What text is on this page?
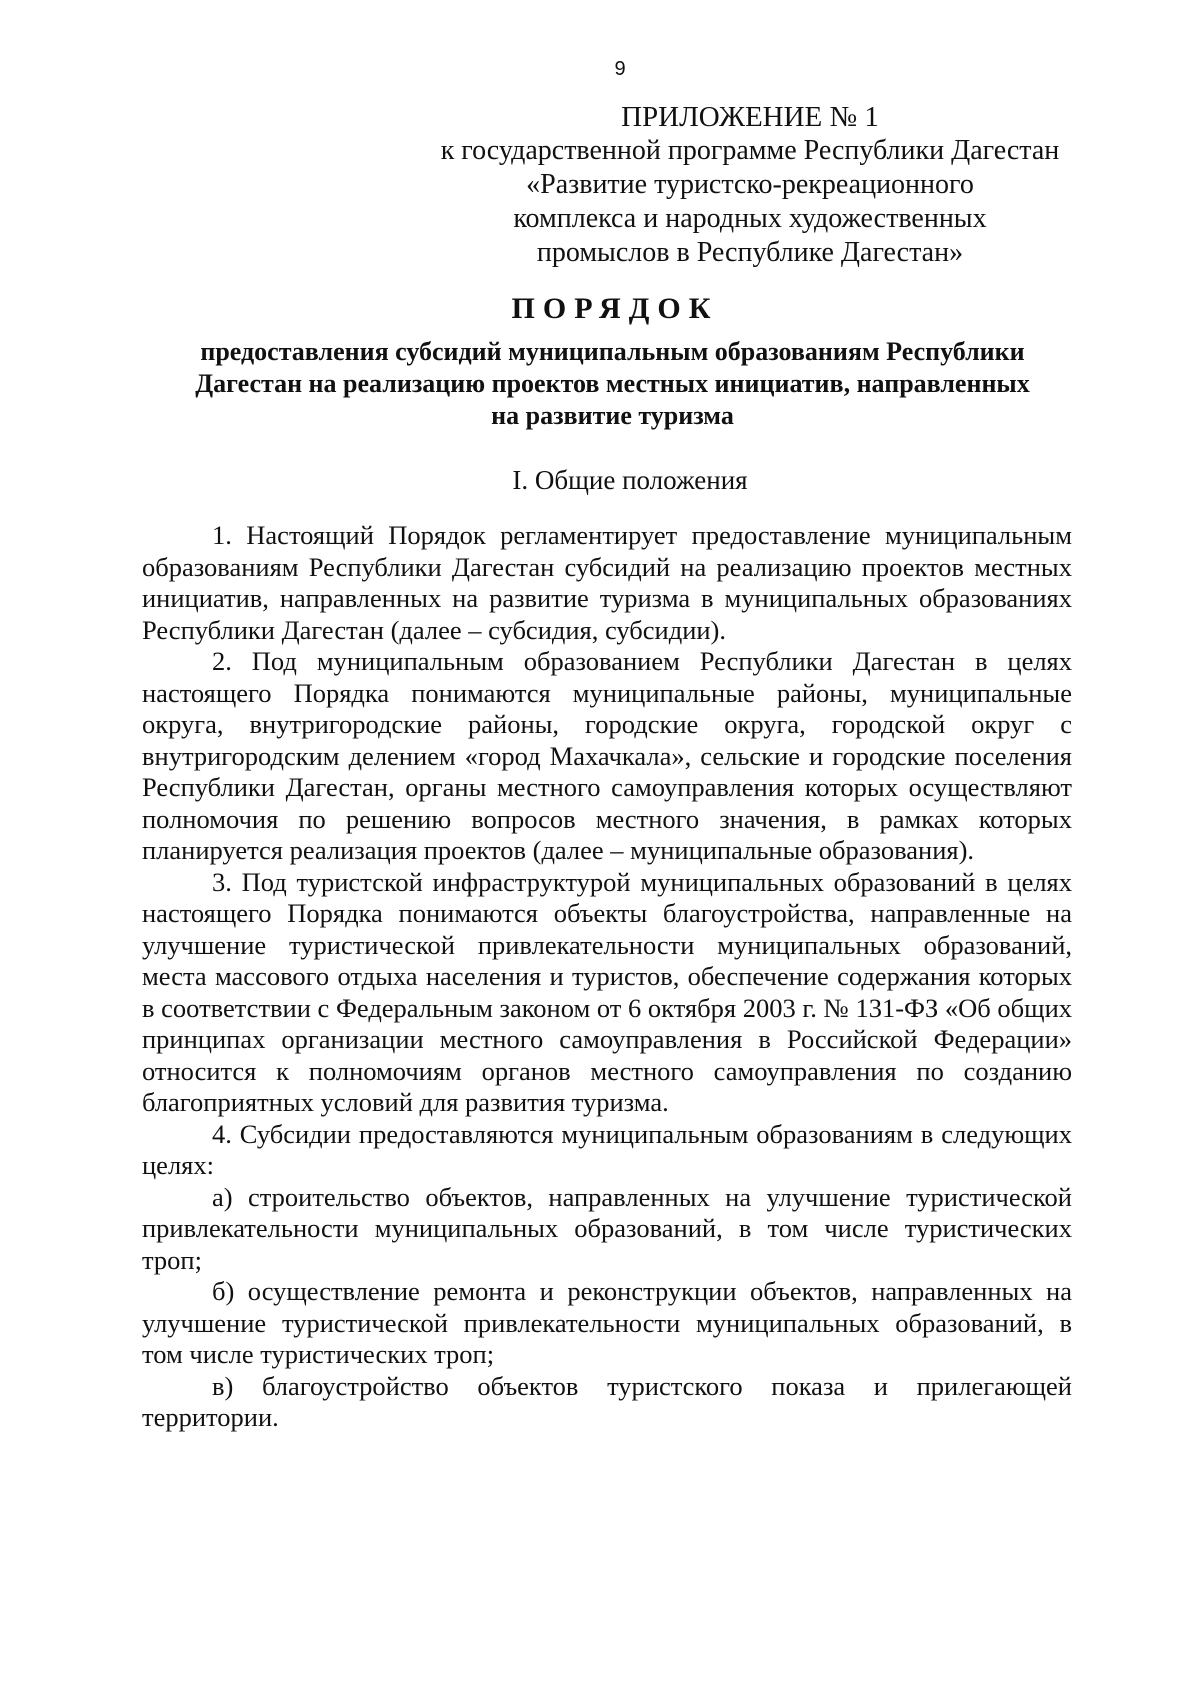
9
ПРИЛОЖЕНИЕ № 1
к государственной программе Республики Дагестан
«Развитие туристско-рекреационного
комплекса и народных художественных
промыслов в Республике Дагестан»
ПОРЯДОК
предоставления субсидий муниципальным образованиям Республики
Дагестан на реализацию проектов местных инициатив, направленных
на развитие туризма
I. Общие положения

1. Настоящий Порядок регламентирует предоставление муниципальным образованиям Республики Дагестан субсидий на реализацию проектов местных инициатив, направленных на развитие туризма в муниципальных образованиях Республики Дагестан (далее – субсидия, субсидии).

2. Под муниципальным образованием Республики Дагестан в целях настоящего Порядка понимаются муниципальные районы, муниципальные округа, внутригородские районы, городские округа, городской округ с внутригородским делением «город Махачкала», сельские и городские поселения Республики Дагестан, органы местного самоуправления которых осуществляют полномочия по решению вопросов местного значения, в рамках которых планируется реализация проектов (далее – муниципальные образования).

3. Под туристской инфраструктурой муниципальных образований в целях настоящего Порядка понимаются объекты благоустройства, направленные на улучшение туристической привлекательности муниципальных образований, места массового отдыха населения и туристов, обеспечение содержания которых в соответствии с Федеральным законом от 6 октября 2003 г. № 131-ФЗ «Об общих принципах организации местного самоуправления в Российской Федерации» относится к полномочиям органов местного самоуправления по созданию благоприятных условий для развития туризма.

4. Субсидии предоставляются муниципальным образованиям в следующих целях:

а) строительство объектов, направленных на улучшение туристической привлекательности муниципальных образований, в том числе туристических троп;

б) осуществление ремонта и реконструкции объектов, направленных на улучшение туристической привлекательности муниципальных образований, в том числе туристических троп;

в) благоустройство объектов туристского показа и прилегающей территории.
